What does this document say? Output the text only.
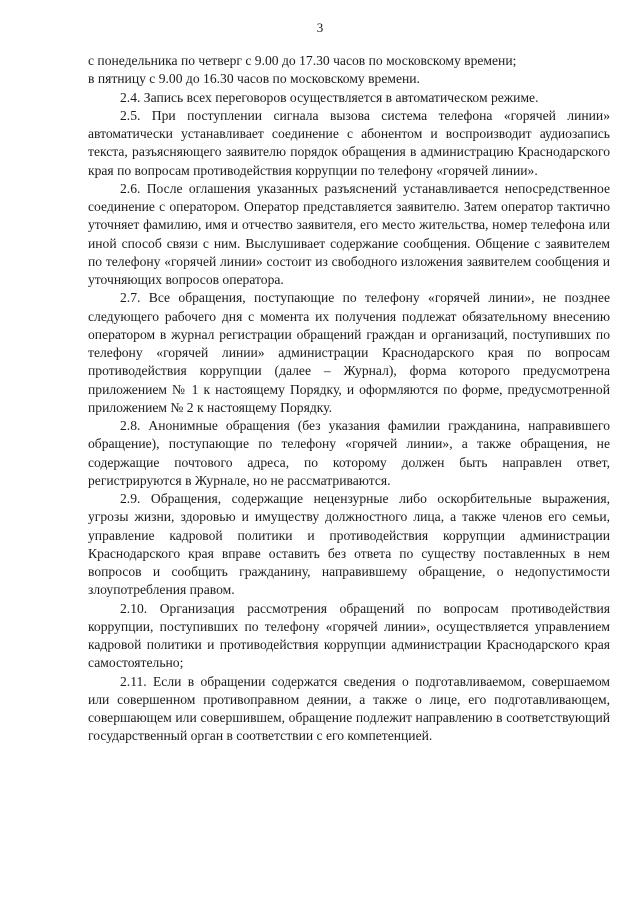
3

с понедельника по четверг с 9.00 до 17.30 часов по московскому времени;

в пятницу с 9.00 до 16.30 часов по московскому времени.

2.4. Запись всех переговоров осуществляется в автоматическом режиме.

2.5. При поступлении сигнала вызова система телефона «горячей линии» автоматически устанавливает соединение с абонентом и воспроизводит аудиозапись текста, разъясняющего заявителю порядок обращения в администрацию Краснодарского края по вопросам противодействия коррупции по телефону «горячей линии».

2.6. После оглашения указанных разъяснений устанавливается непосредственное соединение с оператором. Оператор представляется заявителю. Затем оператор тактично уточняет фамилию, имя и отчество заявителя, его место жительства, номер телефона или иной способ связи с ним. Выслушивает содержание сообщения. Общение с заявителем по телефону «горячей линии» состоит из свободного изложения заявителем сообщения и уточняющих вопросов оператора.

2.7. Все обращения, поступающие по телефону «горячей линии», не позднее следующего рабочего дня с момента их получения подлежат обязательному внесению оператором в журнал регистрации обращений граждан и организаций, поступивших по телефону «горячей линии» администрации Краснодарского края по вопросам противодействия коррупции (далее – Журнал), форма которого предусмотрена приложением № 1 к настоящему Порядку, и оформляются по форме, предусмотренной приложением № 2 к настоящему Порядку.

2.8. Анонимные обращения (без указания фамилии гражданина, направившего обращение), поступающие по телефону «горячей линии», а также обращения, не содержащие почтового адреса, по которому должен быть направлен ответ, регистрируются в Журнале, но не рассматриваются.

2.9. Обращения, содержащие нецензурные либо оскорбительные выражения, угрозы жизни, здоровью и имуществу должностного лица, а также членов его семьи, управление кадровой политики и противодействия коррупции администрации Краснодарского края вправе оставить без ответа по существу поставленных в нем вопросов и сообщить гражданину, направившему обращение, о недопустимости злоупотребления правом.

2.10. Организация рассмотрения обращений по вопросам противодействия коррупции, поступивших по телефону «горячей линии», осуществляется управлением кадровой политики и противодействия коррупции администрации Краснодарского края самостоятельно;

2.11. Если в обращении содержатся сведения о подготавливаемом, совершаемом или совершенном противоправном деянии, а также о лице, его подготавливающем, совершающем или совершившем, обращение подлежит направлению в соответствующий государственный орган в соответствии с его компетенцией.
